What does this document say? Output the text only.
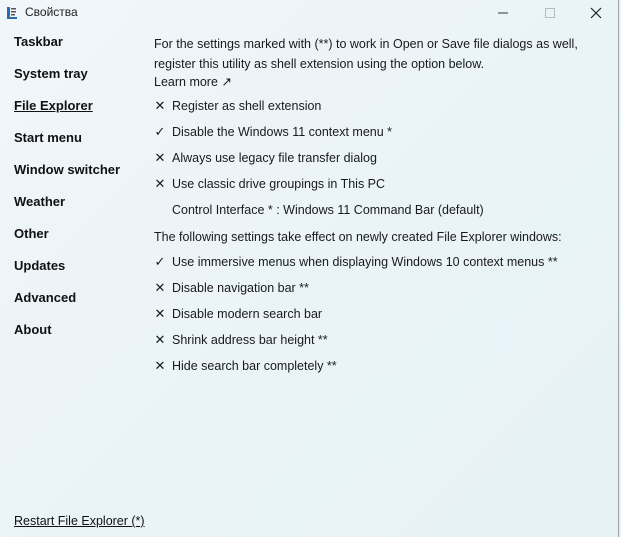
Свойства
Taskbar
System tray
File Explorer
Start menu
Window switcher
Weather
Other
Updates
Advanced
About
Restart File Explorer (*)
For the settings marked with (**) to work in Open or Save file dialogs as well, register this utility as shell extension using the option below.
Learn more ↗
✕ Register as shell extension
✓ Disable the Windows 11 context menu *
✕ Always use legacy file transfer dialog
✕ Use classic drive groupings in This PC
Control Interface * : Windows 11 Command Bar (default)
The following settings take effect on newly created File Explorer windows:
✓ Use immersive menus when displaying Windows 10 context menus **
✕ Disable navigation bar **
✕ Disable modern search bar
✕ Shrink address bar height **
✕ Hide search bar completely **
